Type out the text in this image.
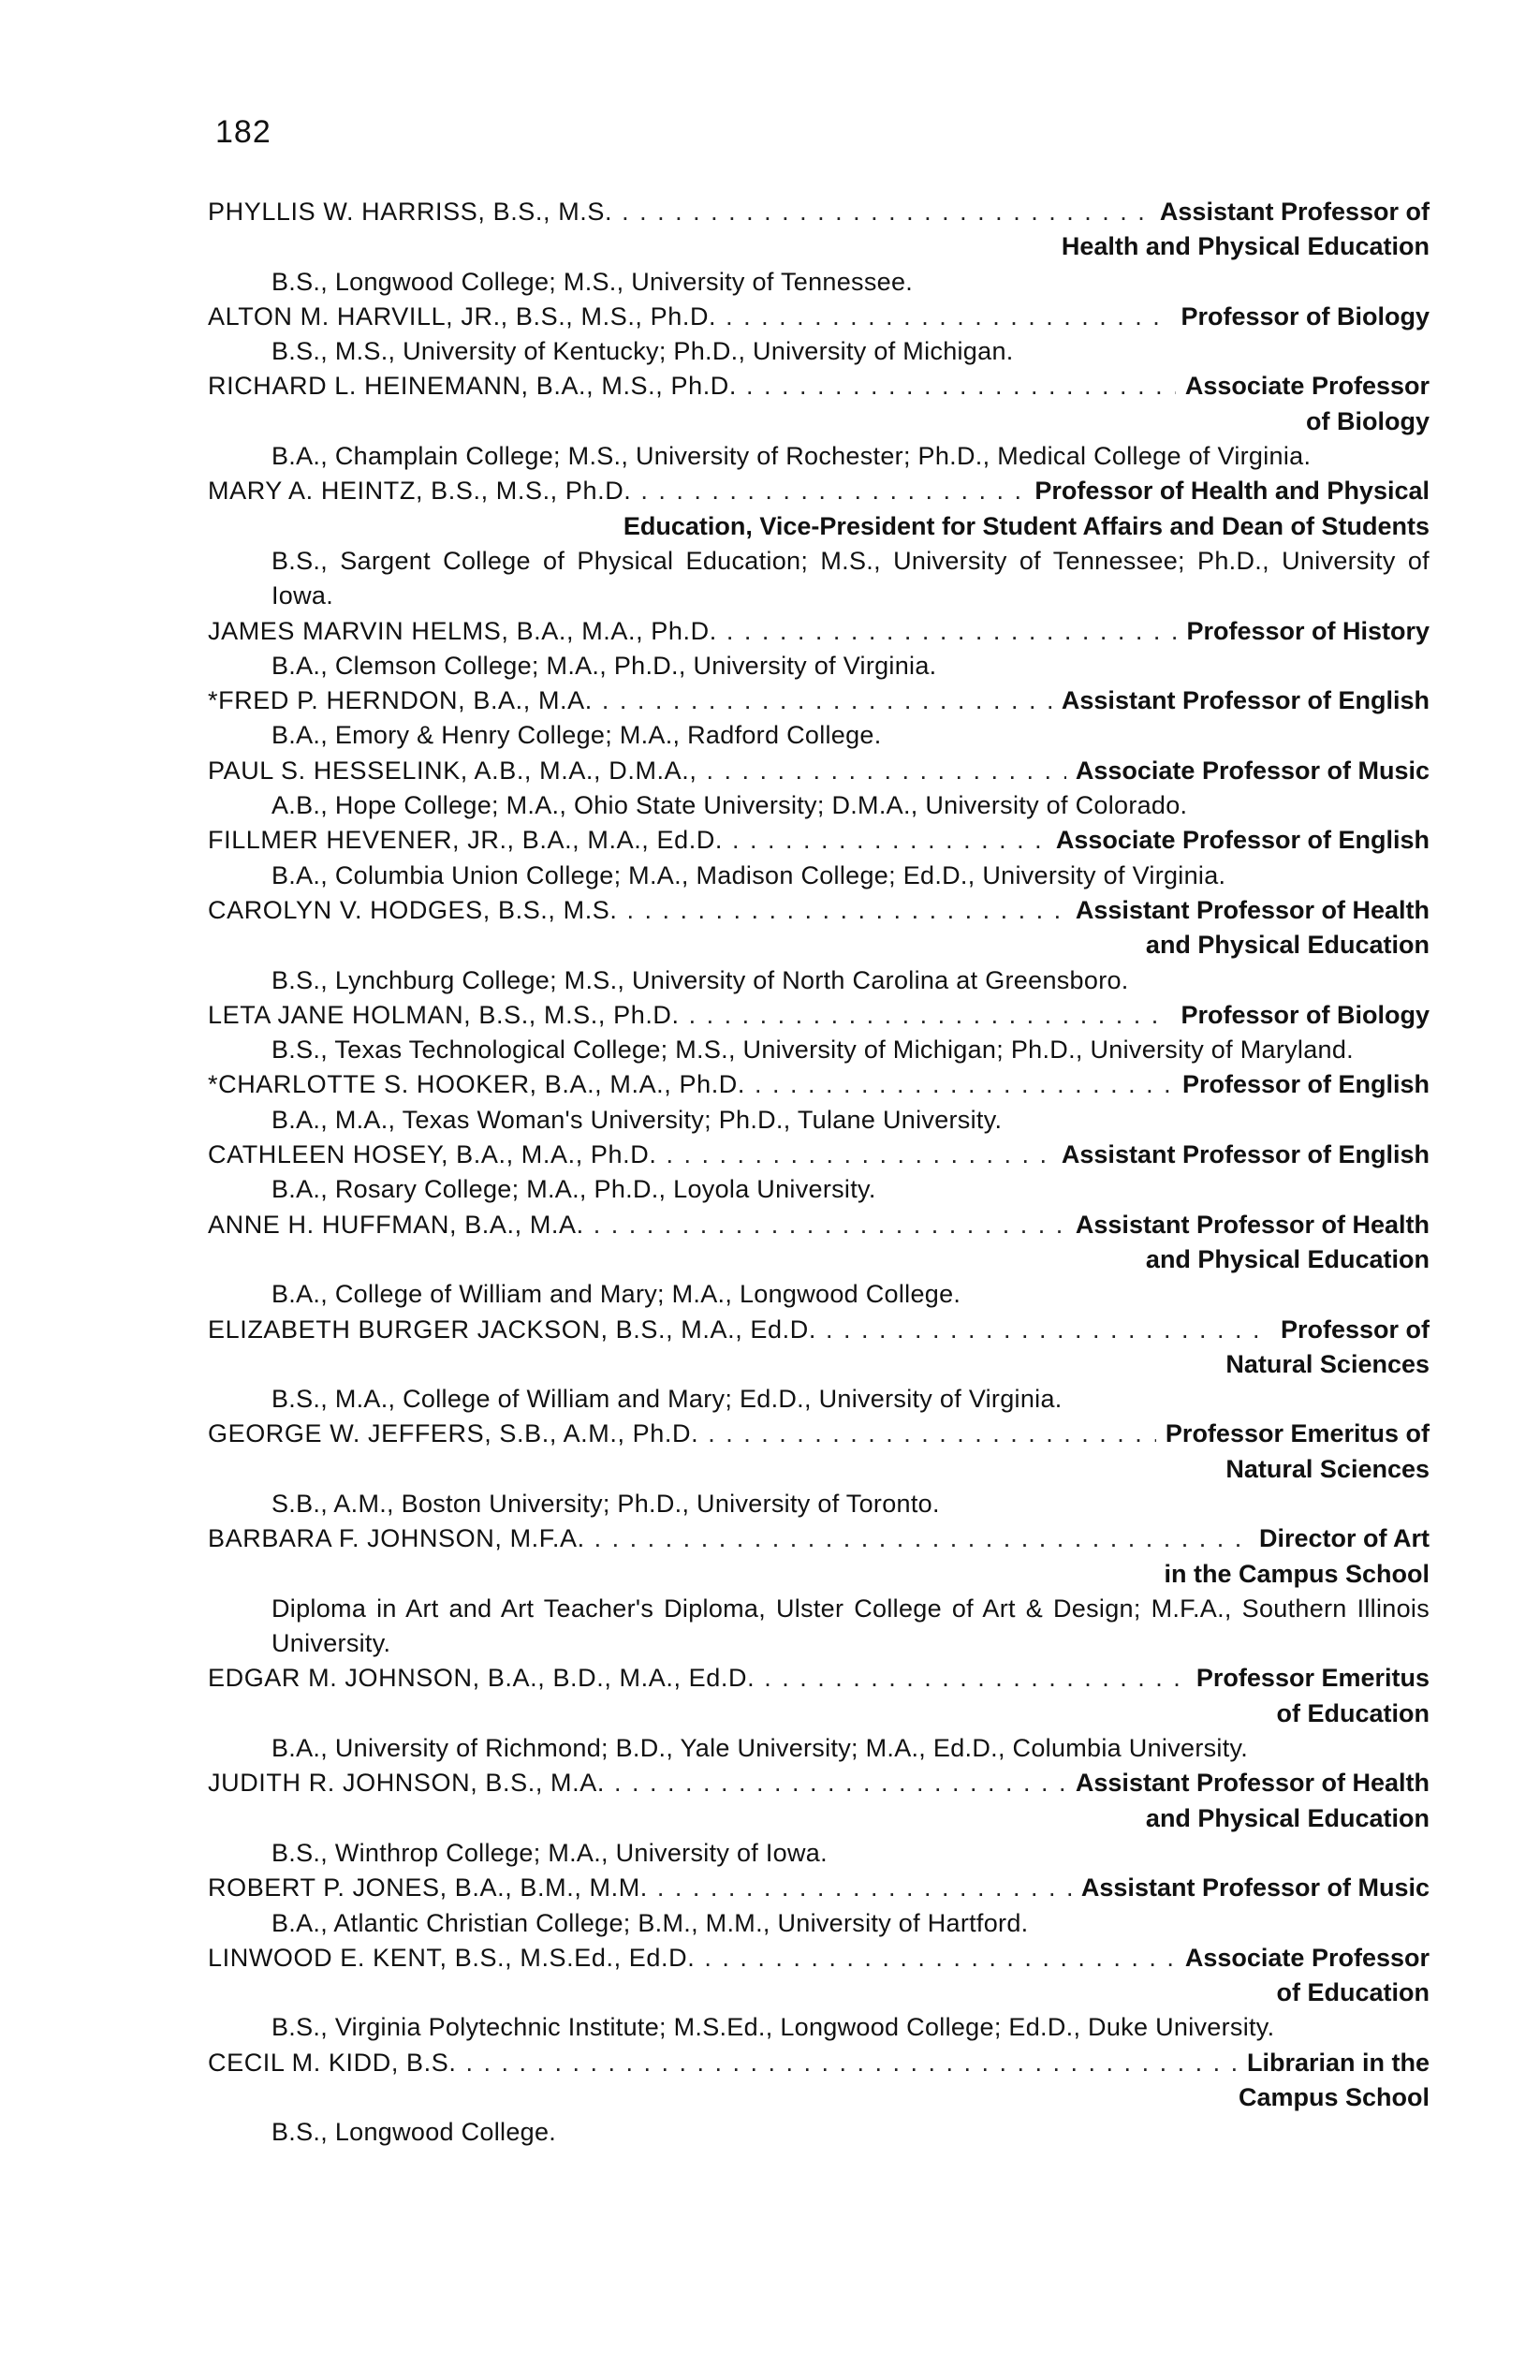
182
PHYLLIS W. HARRISS, B.S., M.S. . . .	Assistant Professor of
Health and Physical Education
B.S., Longwood College; M.S., University of Tennessee.
ALTON M. HARVILL, JR., B.S., M.S., Ph.D. . . .	Professor of Biology
B.S., M.S., University of Kentucky; Ph.D., University of Michigan.
RICHARD L. HEINEMANN, B.A., M.S., Ph.D. . . .	Associate Professor
of Biology
B.A., Champlain College; M.S., University of Rochester; Ph.D., Medical College of Virginia.
MARY A. HEINTZ, B.S., M.S., Ph.D. . . .	Professor of Health and Physical
Education, Vice-President for Student Affairs and Dean of Students
B.S., Sargent College of Physical Education; M.S., University of Tennessee; Ph.D., University of Iowa.
JAMES MARVIN HELMS, B.A., M.A., Ph.D. . . .	Professor of History
B.A., Clemson College; M.A., Ph.D., University of Virginia.
*FRED P. HERNDON, B.A., M.A. . . .	Assistant Professor of English
B.A., Emory & Henry College; M.A., Radford College.
PAUL S. HESSELINK, A.B., M.A., D.M.A., . . .	Associate Professor of Music
A.B., Hope College; M.A., Ohio State University; D.M.A., University of Colorado.
FILLMER HEVENER, JR., B.A., M.A., Ed.D. . . .	Associate Professor of English
B.A., Columbia Union College; M.A., Madison College; Ed.D., University of Virginia.
CAROLYN V. HODGES, B.S., M.S. . . .	Assistant Professor of Health
and Physical Education
B.S., Lynchburg College; M.S., University of North Carolina at Greensboro.
LETA JANE HOLMAN, B.S., M.S., Ph.D. . . .	Professor of Biology
B.S., Texas Technological College; M.S., University of Michigan; Ph.D., University of Maryland.
*CHARLOTTE S. HOOKER, B.A., M.A., Ph.D. . . .	Professor of English
B.A., M.A., Texas Woman's University; Ph.D., Tulane University.
CATHLEEN HOSEY, B.A., M.A., Ph.D. . . .	Assistant Professor of English
B.A., Rosary College; M.A., Ph.D., Loyola University.
ANNE H. HUFFMAN, B.A., M.A. . . .	Assistant Professor of Health
and Physical Education
B.A., College of William and Mary; M.A., Longwood College.
ELIZABETH BURGER JACKSON, B.S., M.A., Ed.D. . . .	Professor of
Natural Sciences
B.S., M.A., College of William and Mary; Ed.D., University of Virginia.
GEORGE W. JEFFERS, S.B., A.M., Ph.D. . . .	Professor Emeritus of
Natural Sciences
S.B., A.M., Boston University; Ph.D., University of Toronto.
BARBARA F. JOHNSON, M.F.A. . . .	Director of Art
in the Campus School
Diploma in Art and Art Teacher's Diploma, Ulster College of Art & Design; M.F.A., Southern Illinois University.
EDGAR M. JOHNSON, B.A., B.D., M.A., Ed.D. . . .	Professor Emeritus
of Education
B.A., University of Richmond; B.D., Yale University; M.A., Ed.D., Columbia University.
JUDITH R. JOHNSON, B.S., M.A. . . .	Assistant Professor of Health
and Physical Education
B.S., Winthrop College; M.A., University of Iowa.
ROBERT P. JONES, B.A., B.M., M.M. . . .	Assistant Professor of Music
B.A., Atlantic Christian College; B.M., M.M., University of Hartford.
LINWOOD E. KENT, B.S., M.S.Ed., Ed.D. . . .	Associate Professor
of Education
B.S., Virginia Polytechnic Institute; M.S.Ed., Longwood College; Ed.D., Duke University.
CECIL M. KIDD, B.S. . . .	Librarian in the
Campus School
B.S., Longwood College.
